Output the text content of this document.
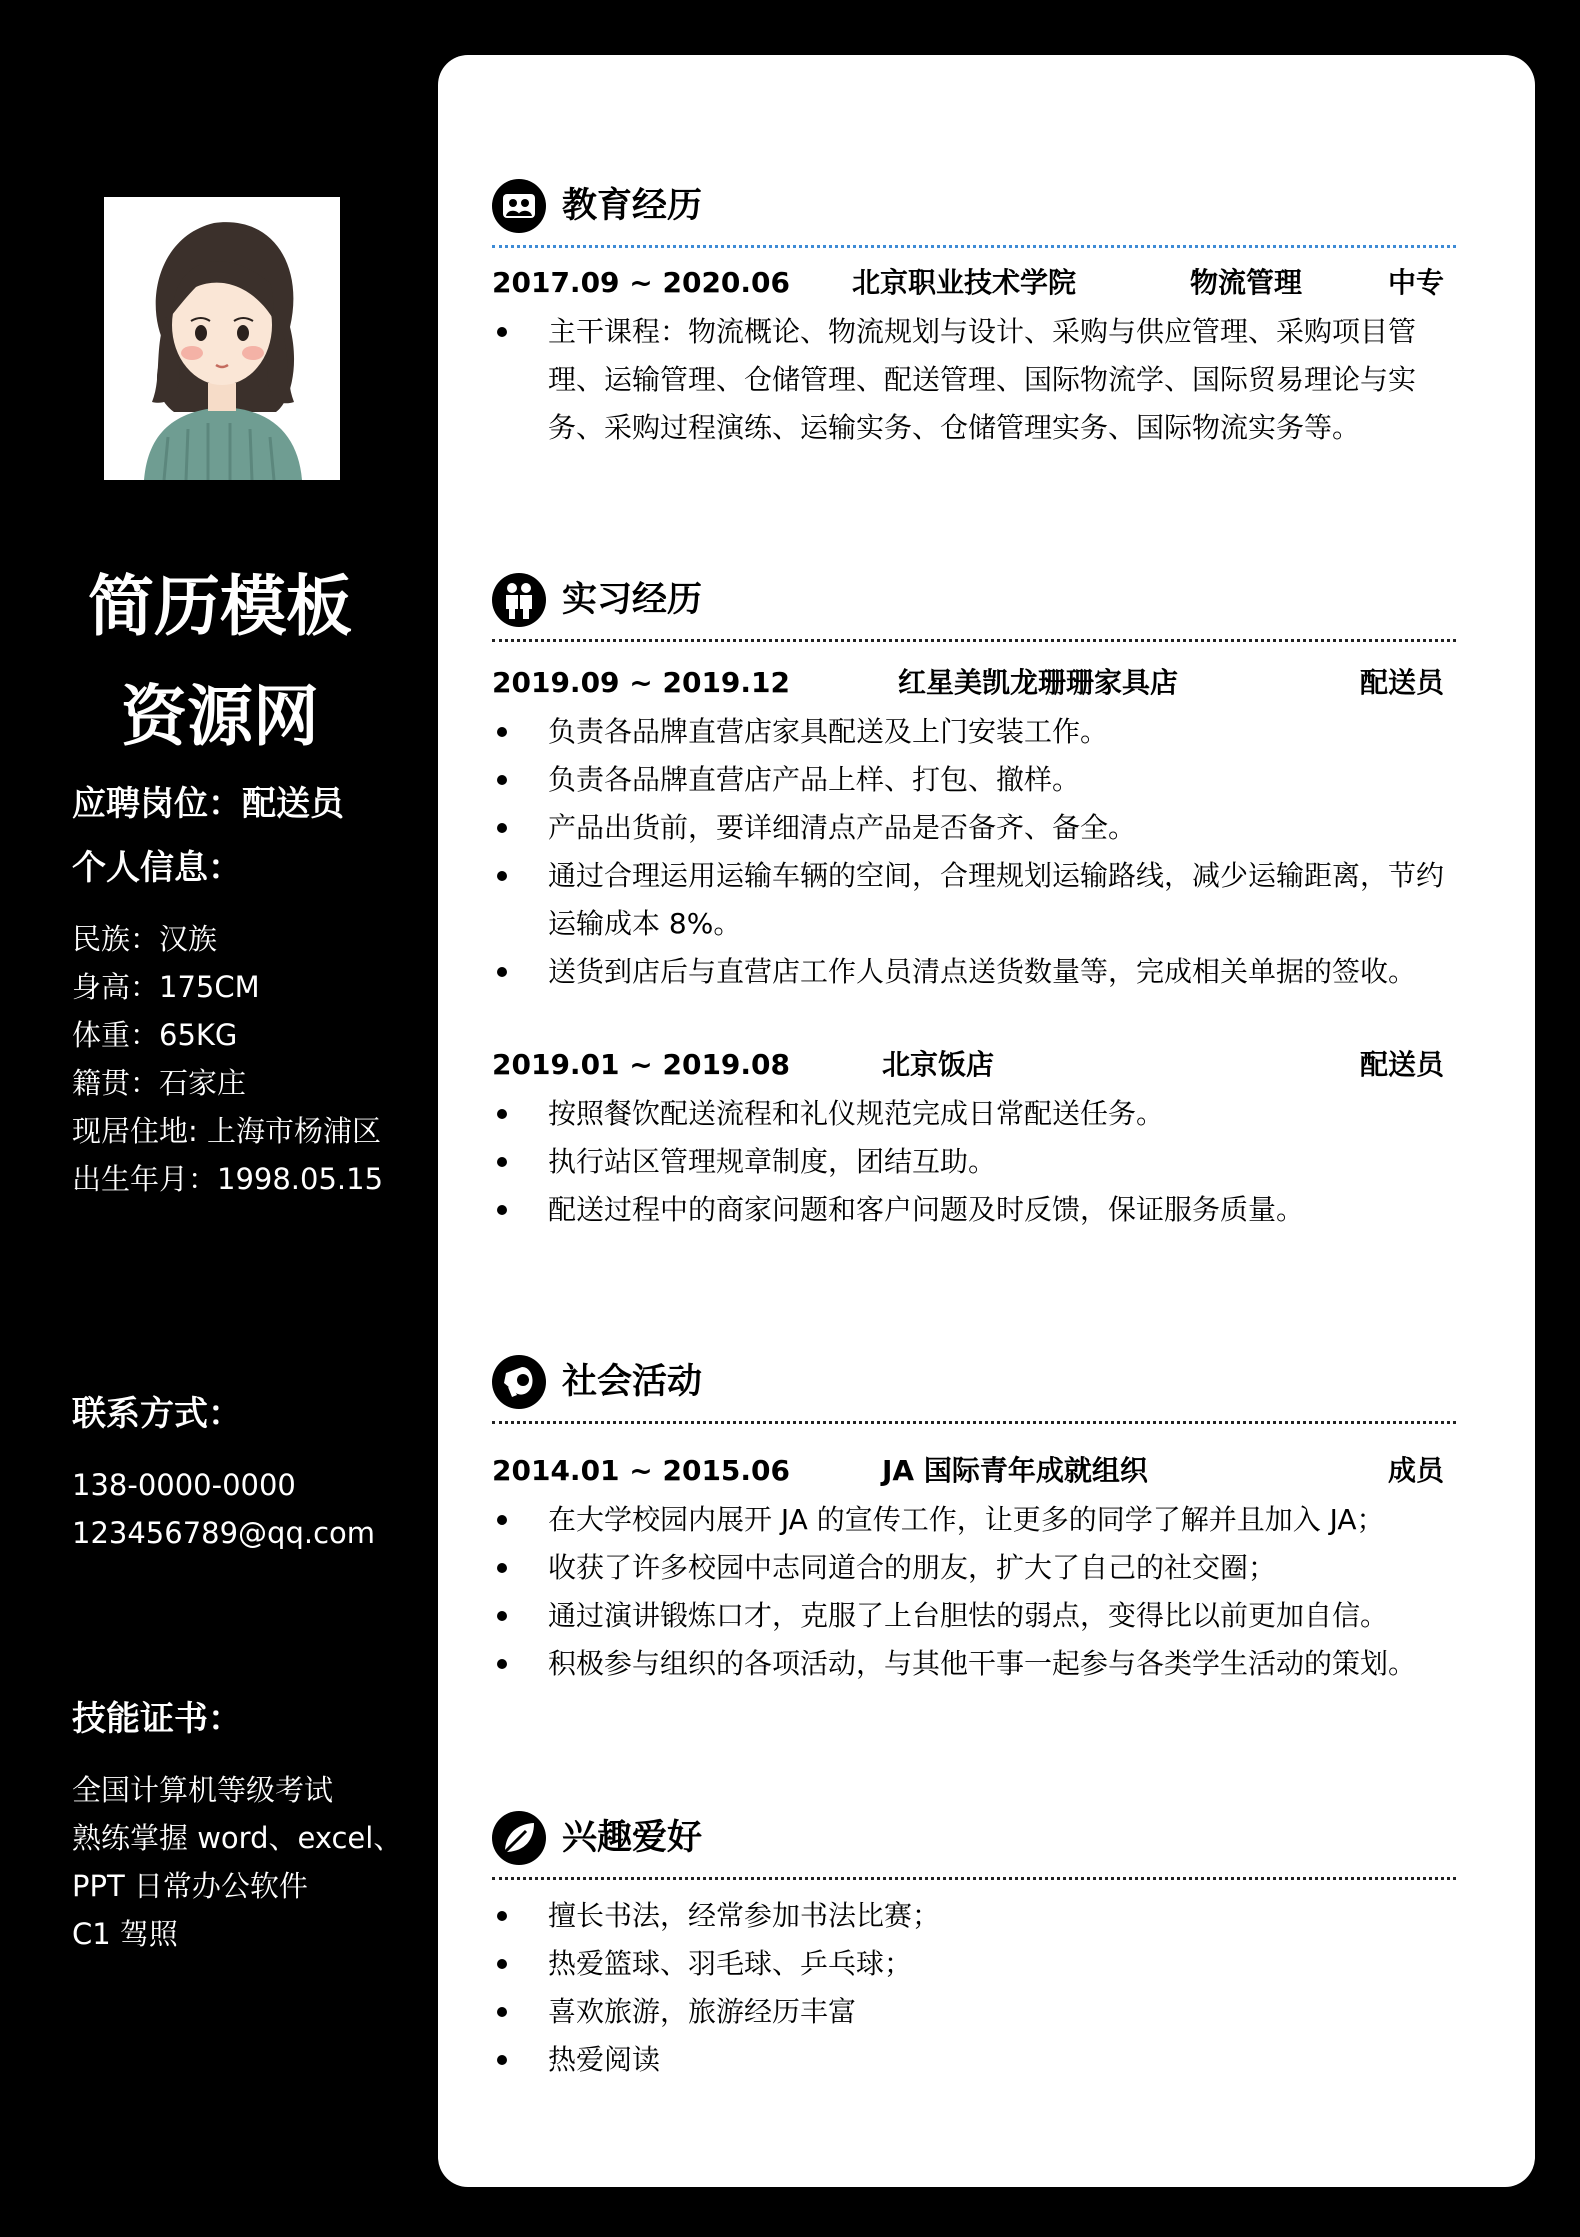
简历模板
资源网
应聘岗位：配送员
个人信息：
民族：汉族
身高：175CM
体重：65KG
籍贯：石家庄
现居住地: 上海市杨浦区
出生年月：1998.05.15
联系方式：
138-0000-0000
123456789@qq.com
技能证书：
全国计算机等级考试
熟练掌握 word、excel、
PPT 日常办公软件
C1 驾照
教育经历
2017.09 ~ 2020.06 北京职业技术学院	物流管理	中专
主干课程：物流概论、物流规划与设计、采购与供应管理、采购项目管理、运输管理、仓储管理、配送管理、国际物流学、国际贸易理论与实务、采购过程演练、运输实务、仓储管理实务、国际物流实务等。
实习经历
2019.09 ~ 2019.12	红星美凯龙珊珊家具店	配送员
负责各品牌直营店家具配送及上门安装工作。
负责各品牌直营店产品上样、打包、撤样。
产品出货前，要详细清点产品是否备齐、备全。
通过合理运用运输车辆的空间，合理规划运输路线，减少运输距离，节约运输成本 8%。
送货到店后与直营店工作人员清点送货数量等，完成相关单据的签收。
2019.01 ~ 2019.08	北京饭店	配送员
按照餐饮配送流程和礼仪规范完成日常配送任务。
执行站区管理规章制度，团结互助。
配送过程中的商家问题和客户问题及时反馈，保证服务质量。
社会活动
2014.01 ~ 2015.06	JA 国际青年成就组织	成员
在大学校园内展开 JA 的宣传工作，让更多的同学了解并且加入 JA；
收获了许多校园中志同道合的朋友，扩大了自己的社交圈；
通过演讲锻炼口才，克服了上台胆怯的弱点，变得比以前更加自信。
积极参与组织的各项活动，与其他干事一起参与各类学生活动的策划。
兴趣爱好
擅长书法，经常参加书法比赛；
热爱篮球、羽毛球、乒乓球；
喜欢旅游，旅游经历丰富
热爱阅读
